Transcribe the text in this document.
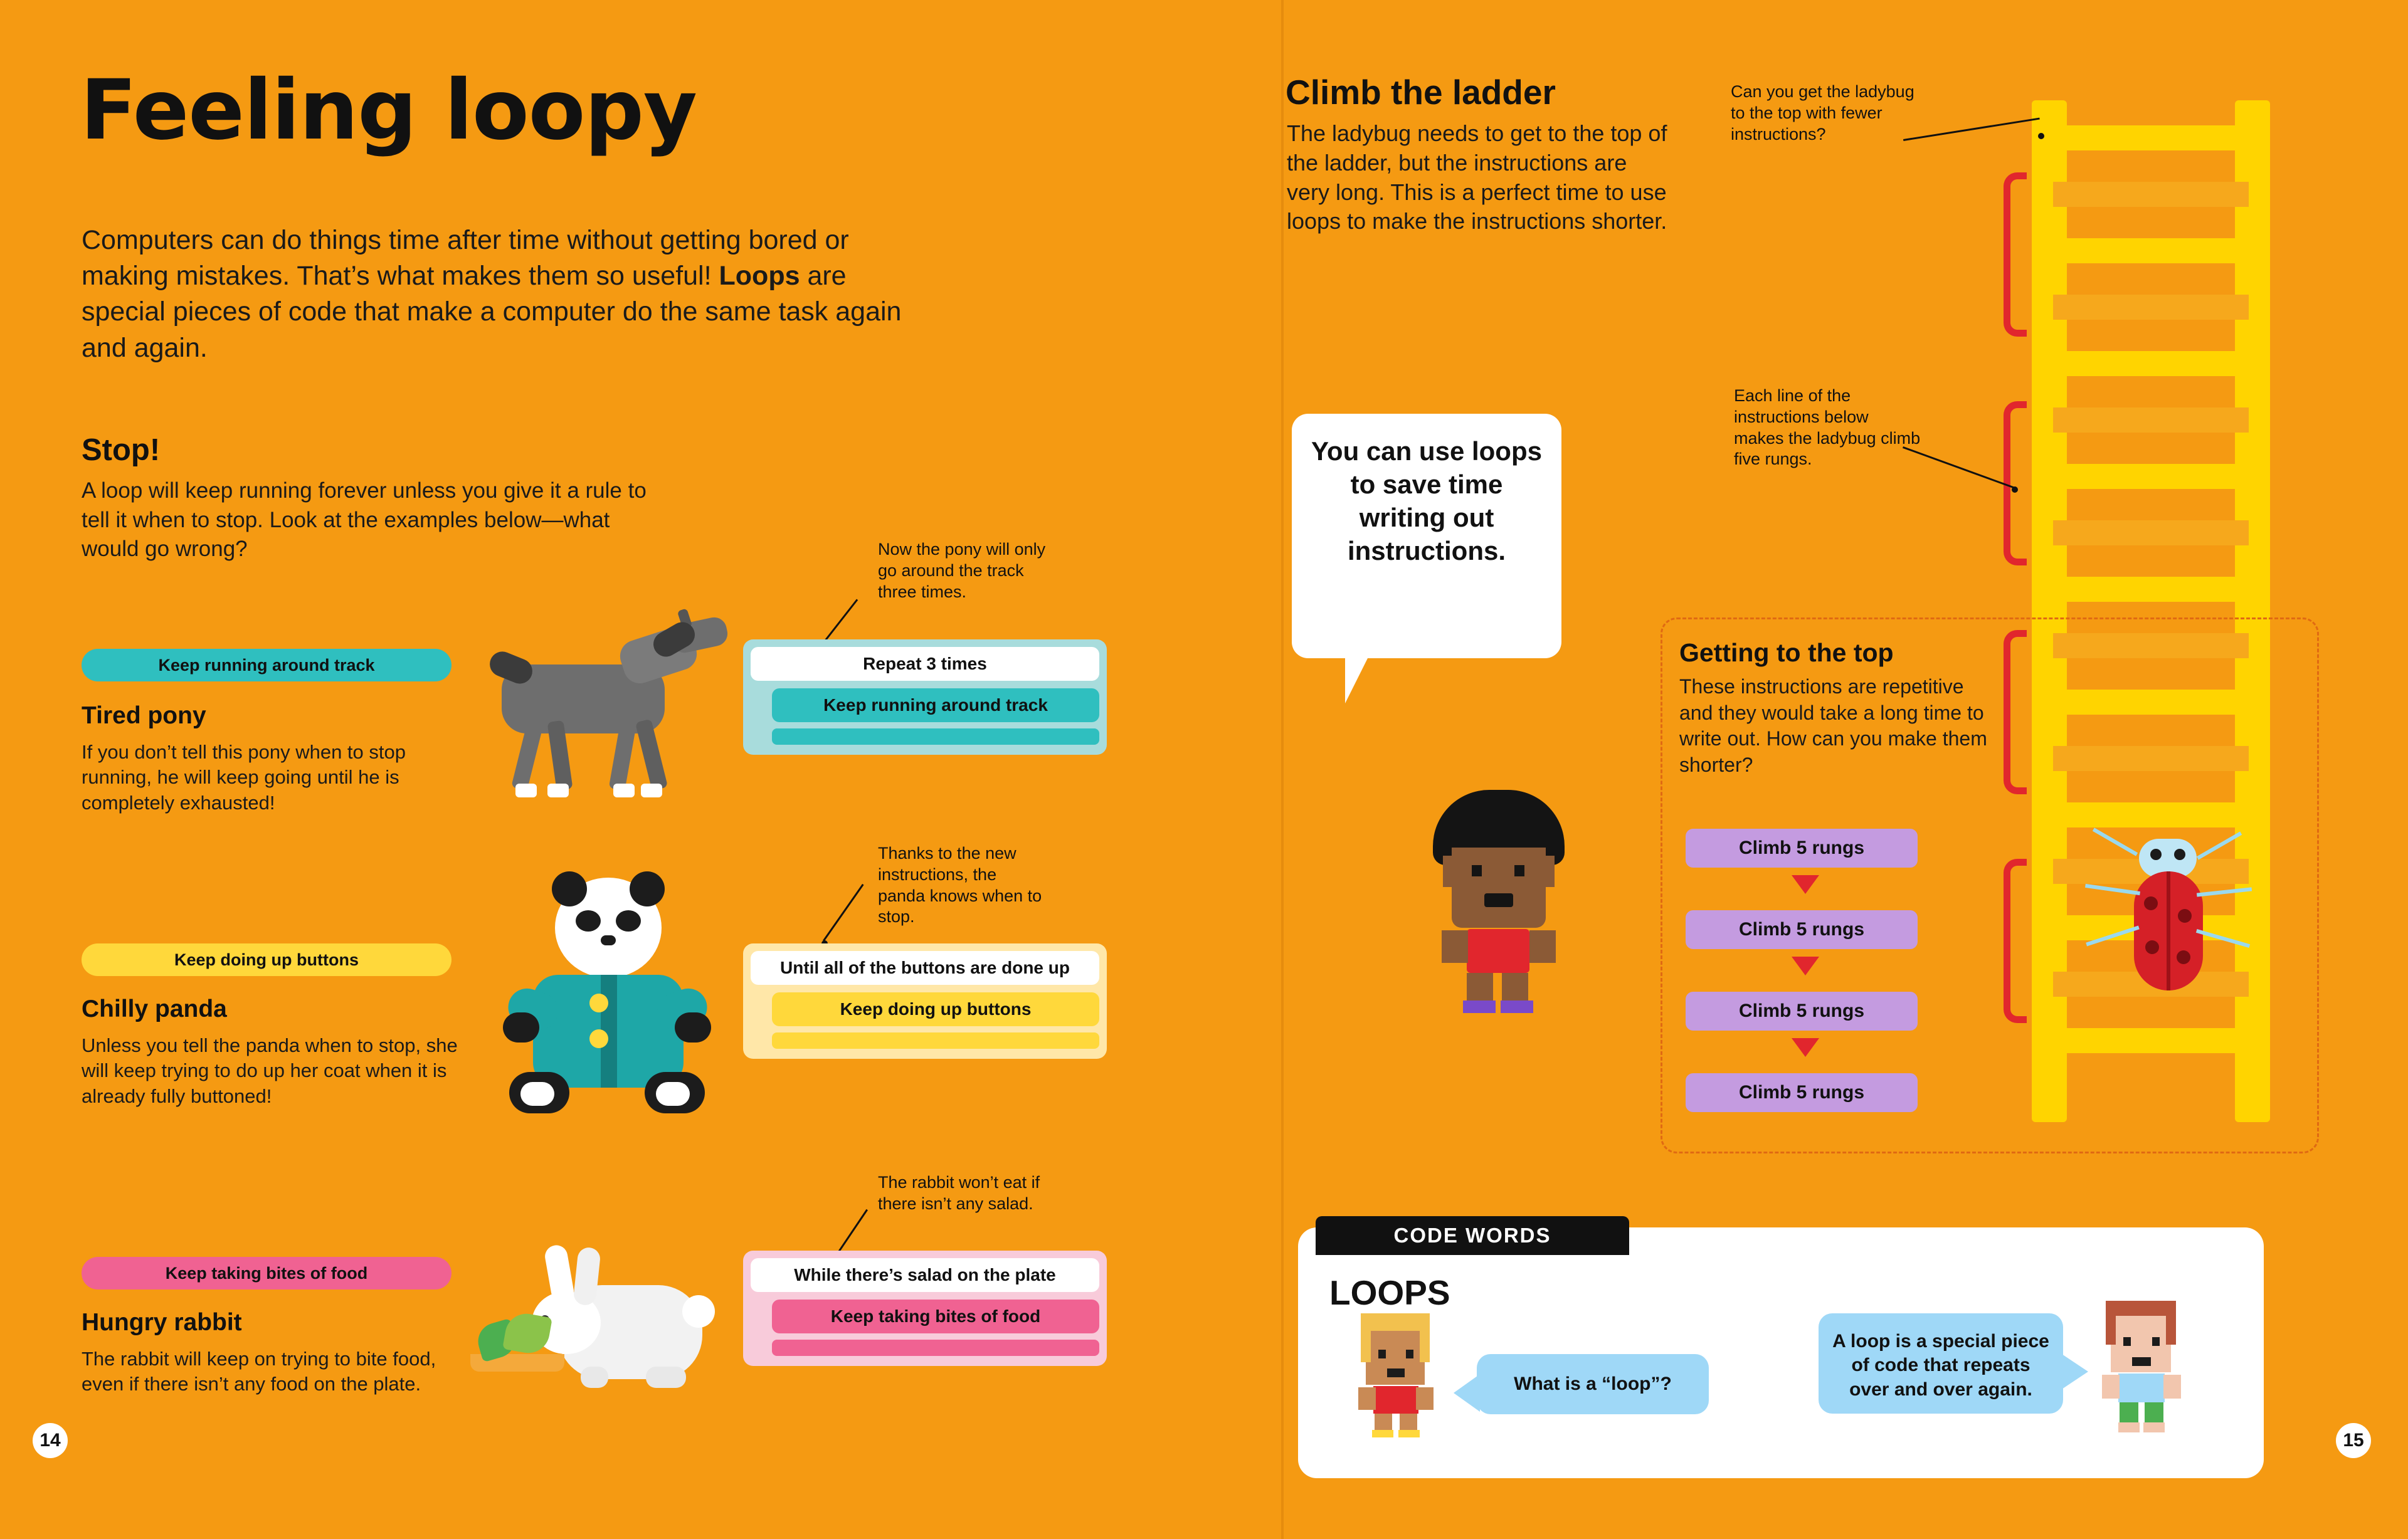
Feeling loopy
Computers can do things time after time without getting bored or making mistakes. That’s what makes them so useful! Loops are special pieces of code that make a computer do the same task again and again.
Stop!
A loop will keep running forever unless you give it a rule to tell it when to stop. Look at the examples below—what would go wrong?
Keep running around track
Tired pony
If you don’t tell this pony when to stop running, he will keep going until he is completely exhausted!
Now the pony will only go around the track three times.
Repeat 3 times
Keep running around track
Keep doing up buttons
Chilly panda
Unless you tell the panda when to stop, she will keep trying to do up her coat when it is already fully buttoned!
Thanks to the new instructions, the panda knows when to stop.
Until all of the buttons are done up
Keep doing up buttons
Keep taking bites of food
Hungry rabbit
The rabbit will keep on trying to bite food, even if there isn’t any food on the plate.
The rabbit won’t eat if there isn’t any salad.
While there’s salad on the plate
Keep taking bites of food
14
Climb the ladder
The ladybug needs to get to the top of the ladder, but the instructions are very long. This is a perfect time to use loops to make the instructions shorter.
You can use loops to save time writing out instructions.
Can you get the ladybug to the top with fewer instructions?
Each line of the instructions below makes the ladybug climb five rungs.
Getting to the top
These instructions are repetitive and they would take a long time to write out. How can you make them shorter?
Climb 5 rungs
Climb 5 rungs
Climb 5 rungs
Climb 5 rungs
CODE WORDS
LOOPS
What is a “loop”?
A loop is a special piece of code that repeats over and over again.
15
